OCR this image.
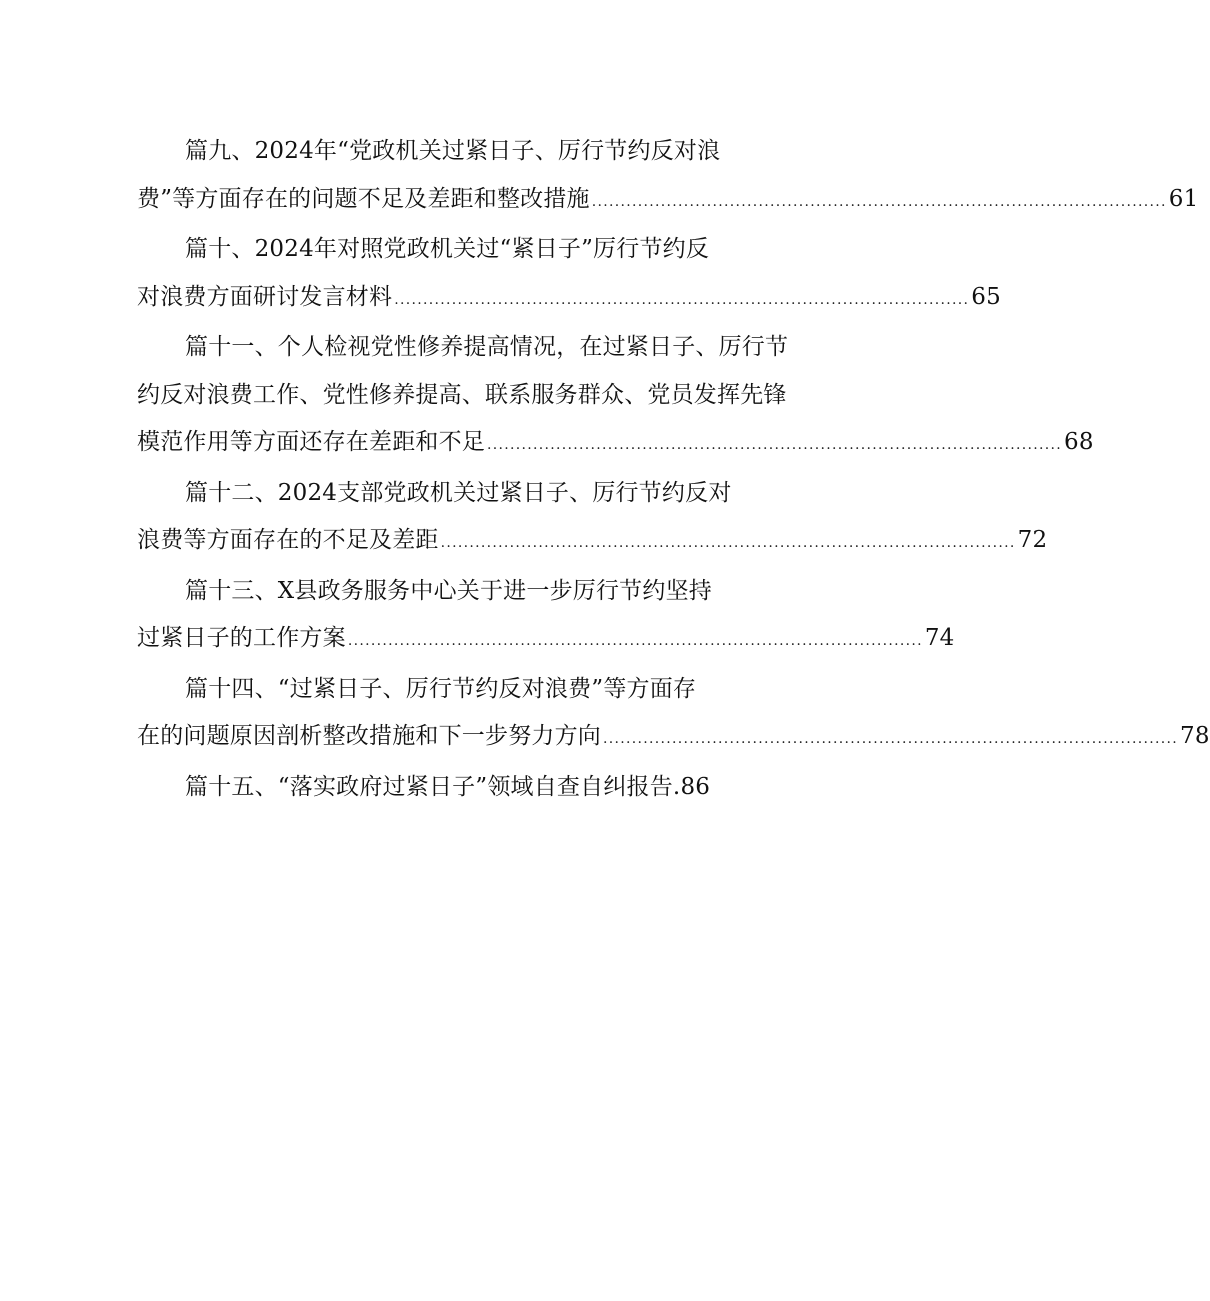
篇九、2024年“党政机关过紧日子、厉行节约反对浪
费”等方面存在的问题不足及差距和整改措施 .................................................................................................... 61
篇十、2024年对照党政机关过“紧日子”厉行节约反
对浪费方面研讨发言材料 .................................................................................................... 65
篇十一、个人检视党性修养提高情况，在过紧日子、厉行节
约反对浪费工作、党性修养提高、联系服务群众、党员发挥先锋
模范作用等方面还存在差距和不足 .................................................................................................... 68
篇十二、2024支部党政机关过紧日子、厉行节约反对
浪费等方面存在的不足及差距 .................................................................................................... 72
篇十三、X县政务服务中心关于进一步厉行节约坚持
过紧日子的工作方案 .................................................................................................... 74
篇十四、“过紧日子、厉行节约反对浪费”等方面存
在的问题原因剖析整改措施和下一步努力方向 .................................................................................................... 78
篇十五、“落实政府过紧日子”领域自查自纠报告 . 86
